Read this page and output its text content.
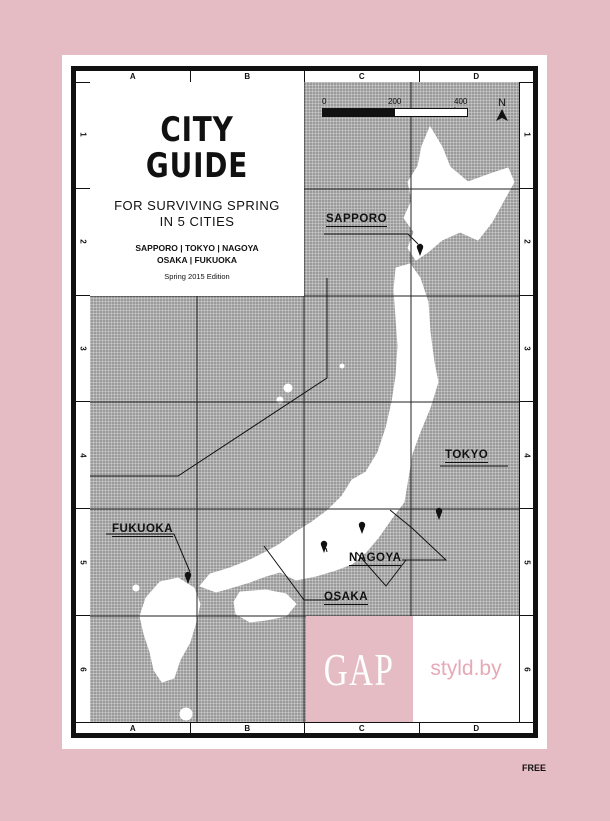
A	B	C	D
A	B	C	D
1
2
3
4
5
6
1
2
3
4
5
6
CITY
GUIDE
FOR SURVIVING SPRING
IN 5 CITIES
SAPPORO | TOKYO | NAGOYA
OSAKA | FUKUOKA
Spring 2015 Edition
0	200	400	N
SAPPORO
TOKYO
NAGOYA
OSAKA
FUKUOKA
GAP styld.by
FREE
